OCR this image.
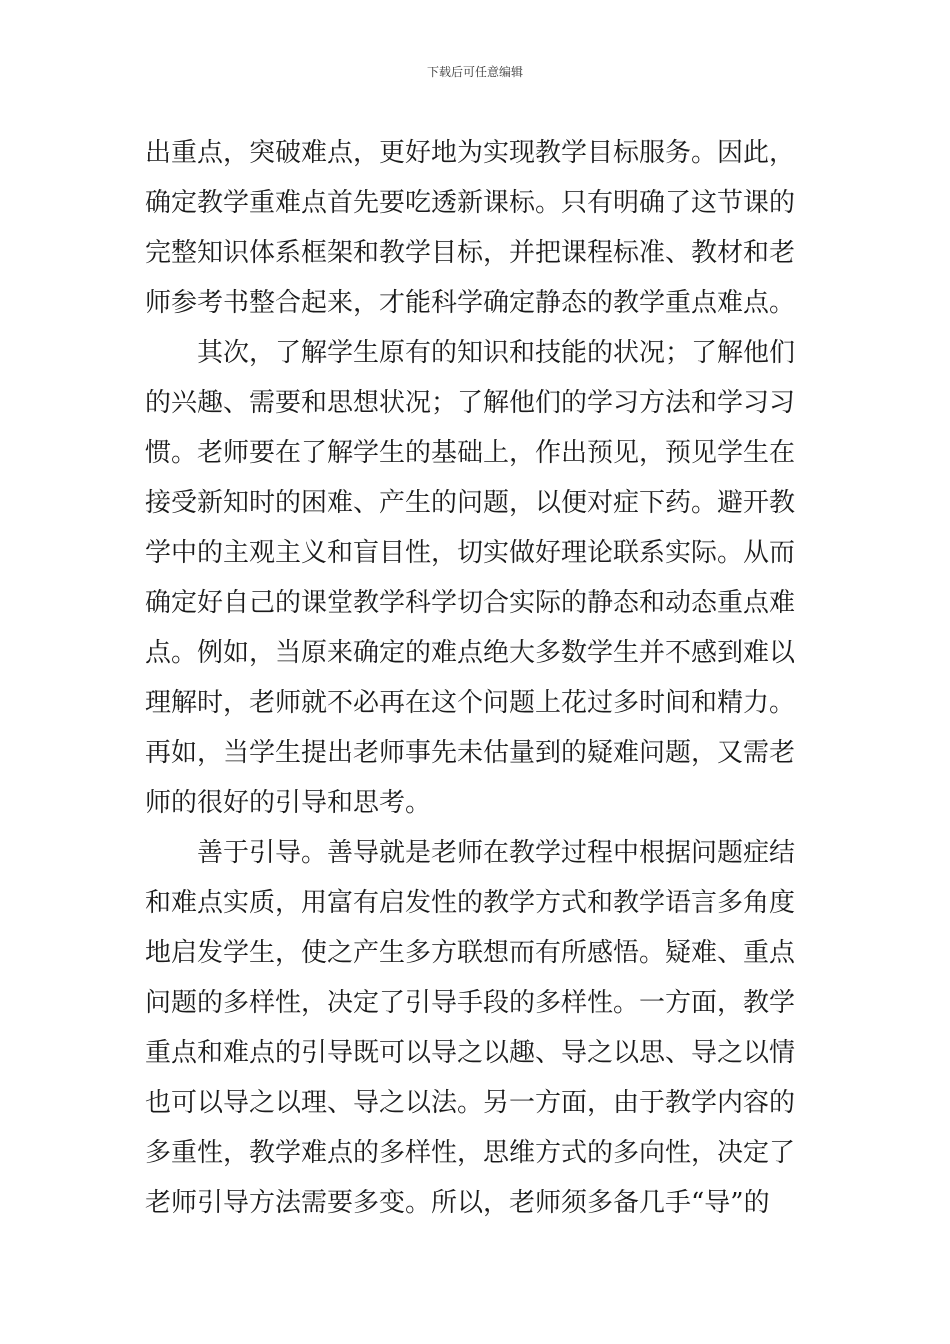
下载后可任意编辑
出重点，突破难点，更好地为实现教学目标服务。因此，
确定教学重难点首先要吃透新课标。只有明确了这节课的
完整知识体系框架和教学目标，并把课程标准、教材和老
师参考书整合起来，才能科学确定静态的教学重点难点。
其次，了解学生原有的知识和技能的状况；了解他们
的兴趣、需要和思想状况；了解他们的学习方法和学习习
惯。老师要在了解学生的基础上，作出预见，预见学生在
接受新知时的困难、产生的问题，以便对症下药。避开教
学中的主观主义和盲目性，切实做好理论联系实际。从而
确定好自己的课堂教学科学切合实际的静态和动态重点难
点。例如，当原来确定的难点绝大多数学生并不感到难以
理解时，老师就不必再在这个问题上花过多时间和精力。
再如，当学生提出老师事先未估量到的疑难问题，又需老
师的很好的引导和思考。
善于引导。善导就是老师在教学过程中根据问题症结
和难点实质，用富有启发性的教学方式和教学语言多角度
地启发学生，使之产生多方联想而有所感悟。疑难、重点
问题的多样性，决定了引导手段的多样性。一方面，教学
重点和难点的引导既可以导之以趣、导之以思、导之以情
也可以导之以理、导之以法。另一方面，由于教学内容的
多重性，教学难点的多样性，思维方式的多向性，决定了
老师引导方法需要多变。所以，老师须多备几手“导”的
